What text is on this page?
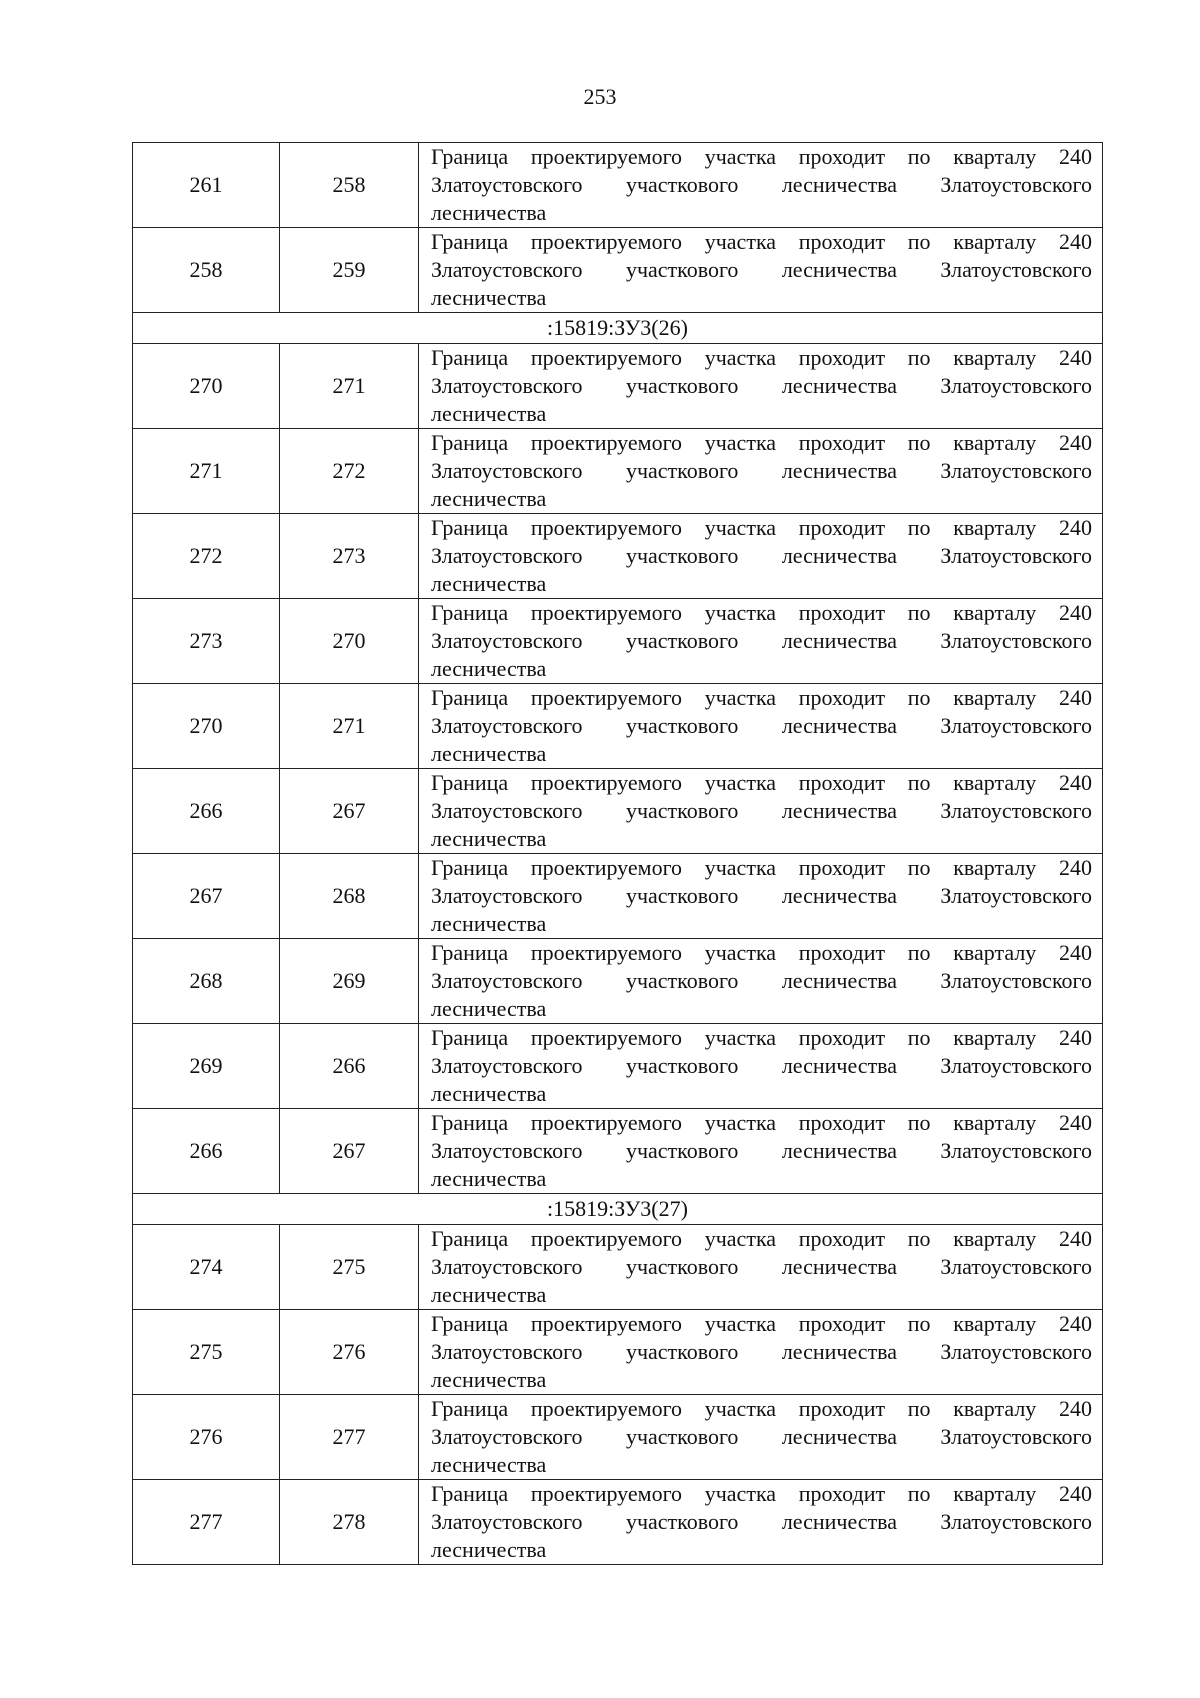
253
261	258	Граница проектируемого участка проходит по кварталу 240 Златоустовского участкового лесничества Златоустовского лесничества
258	259	Граница проектируемого участка проходит по кварталу 240 Златоустовского участкового лесничества Златоустовского лесничества
:15819:ЗУ3(26)		
270	271	Граница проектируемого участка проходит по кварталу 240 Златоустовского участкового лесничества Златоустовского лесничества
271	272	Граница проектируемого участка проходит по кварталу 240 Златоустовского участкового лесничества Златоустовского лесничества
272	273	Граница проектируемого участка проходит по кварталу 240 Златоустовского участкового лесничества Златоустовского лесничества
273	270	Граница проектируемого участка проходит по кварталу 240 Златоустовского участкового лесничества Златоустовского лесничества
270	271	Граница проектируемого участка проходит по кварталу 240 Златоустовского участкового лесничества Златоустовского лесничества
266	267	Граница проектируемого участка проходит по кварталу 240 Златоустовского участкового лесничества Златоустовского лесничества
267	268	Граница проектируемого участка проходит по кварталу 240 Златоустовского участкового лесничества Златоустовского лесничества
268	269	Граница проектируемого участка проходит по кварталу 240 Златоустовского участкового лесничества Златоустовского лесничества
269	266	Граница проектируемого участка проходит по кварталу 240 Златоустовского участкового лесничества Златоустовского лесничества
266	267	Граница проектируемого участка проходит по кварталу 240 Златоустовского участкового лесничества Златоустовского лесничества
:15819:ЗУ3(27)		
274	275	Граница проектируемого участка проходит по кварталу 240 Златоустовского участкового лесничества Златоустовского лесничества
275	276	Граница проектируемого участка проходит по кварталу 240 Златоустовского участкового лесничества Златоустовского лесничества
276	277	Граница проектируемого участка проходит по кварталу 240 Златоустовского участкового лесничества Златоустовского лесничества
277	278	Граница проектируемого участка проходит по кварталу 240 Златоустовского участкового лесничества Златоустовского лесничества
